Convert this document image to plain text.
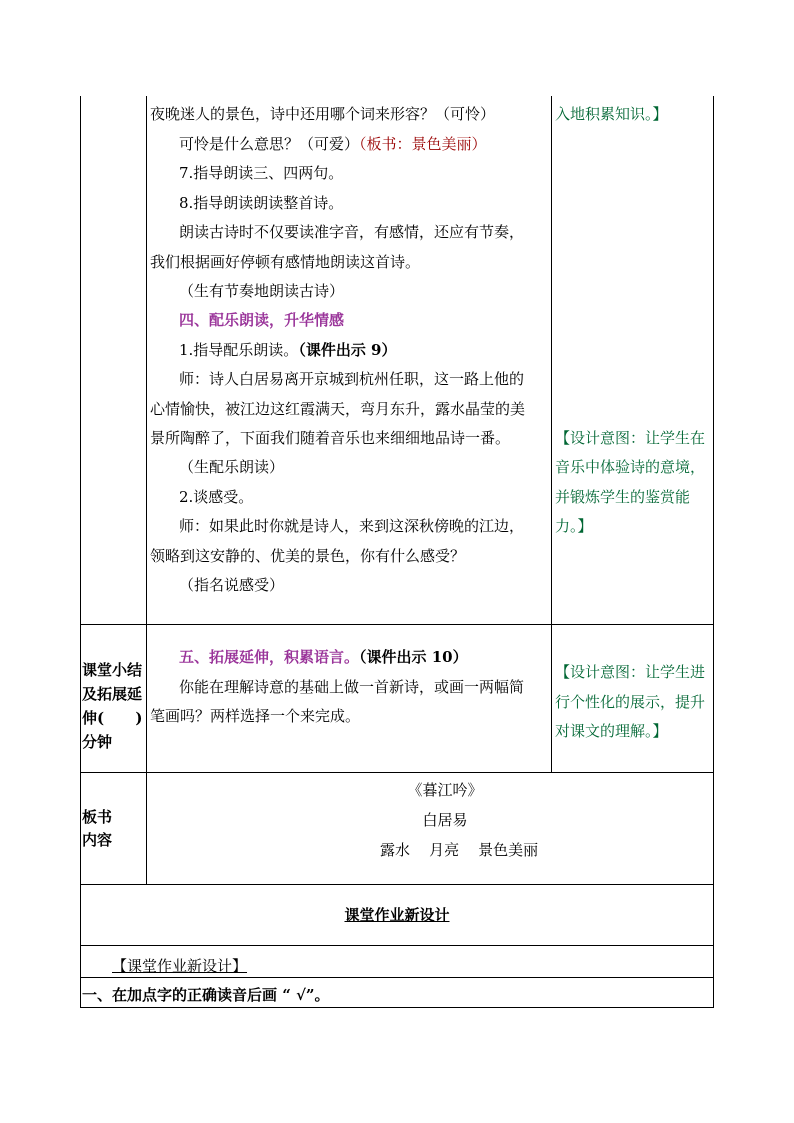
夜晚迷人的景色，诗中还用哪个词来形容？（可怜）
可怜是什么意思？（可爱）（板书：景色美丽）
7.指导朗读三、四两句。
8.指导朗读朗读整首诗。
朗读古诗时不仅要读准字音，有感情，还应有节奏，
我们根据画好停顿有感情地朗读这首诗。
（生有节奏地朗读古诗）
四、配乐朗读，升华情感
1.指导配乐朗读。（课件出示 9）
师：诗人白居易离开京城到杭州任职，这一路上他的
心情愉快，被江边这红霞满天，弯月东升，露水晶莹的美
景所陶醉了，下面我们随着音乐也来细细地品诗一番。
（生配乐朗读）
2.谈感受。
师：如果此时你就是诗人，来到这深秋傍晚的江边，
领略到这安静的、优美的景色，你有什么感受？
（指名说感受）
入地积累知识。】
【设计意图：让学生在
音乐中体验诗的意境，
并锻炼学生的鉴赏能
力。】
课堂小结
及拓展延
伸(      )
分钟
五、拓展延伸，积累语言。（课件出示 10）
你能在理解诗意的基础上做一首新诗，或画一两幅简
笔画吗？两样选择一个来完成。
【设计意图：让学生进
行个性化的展示，提升
对课文的理解。】
板书
内容
《暮江吟》
白居易
露水    月亮    景色美丽
课堂作业新设计
【课堂作业新设计】
一、在加点字的正确读音后画 “ √”。
